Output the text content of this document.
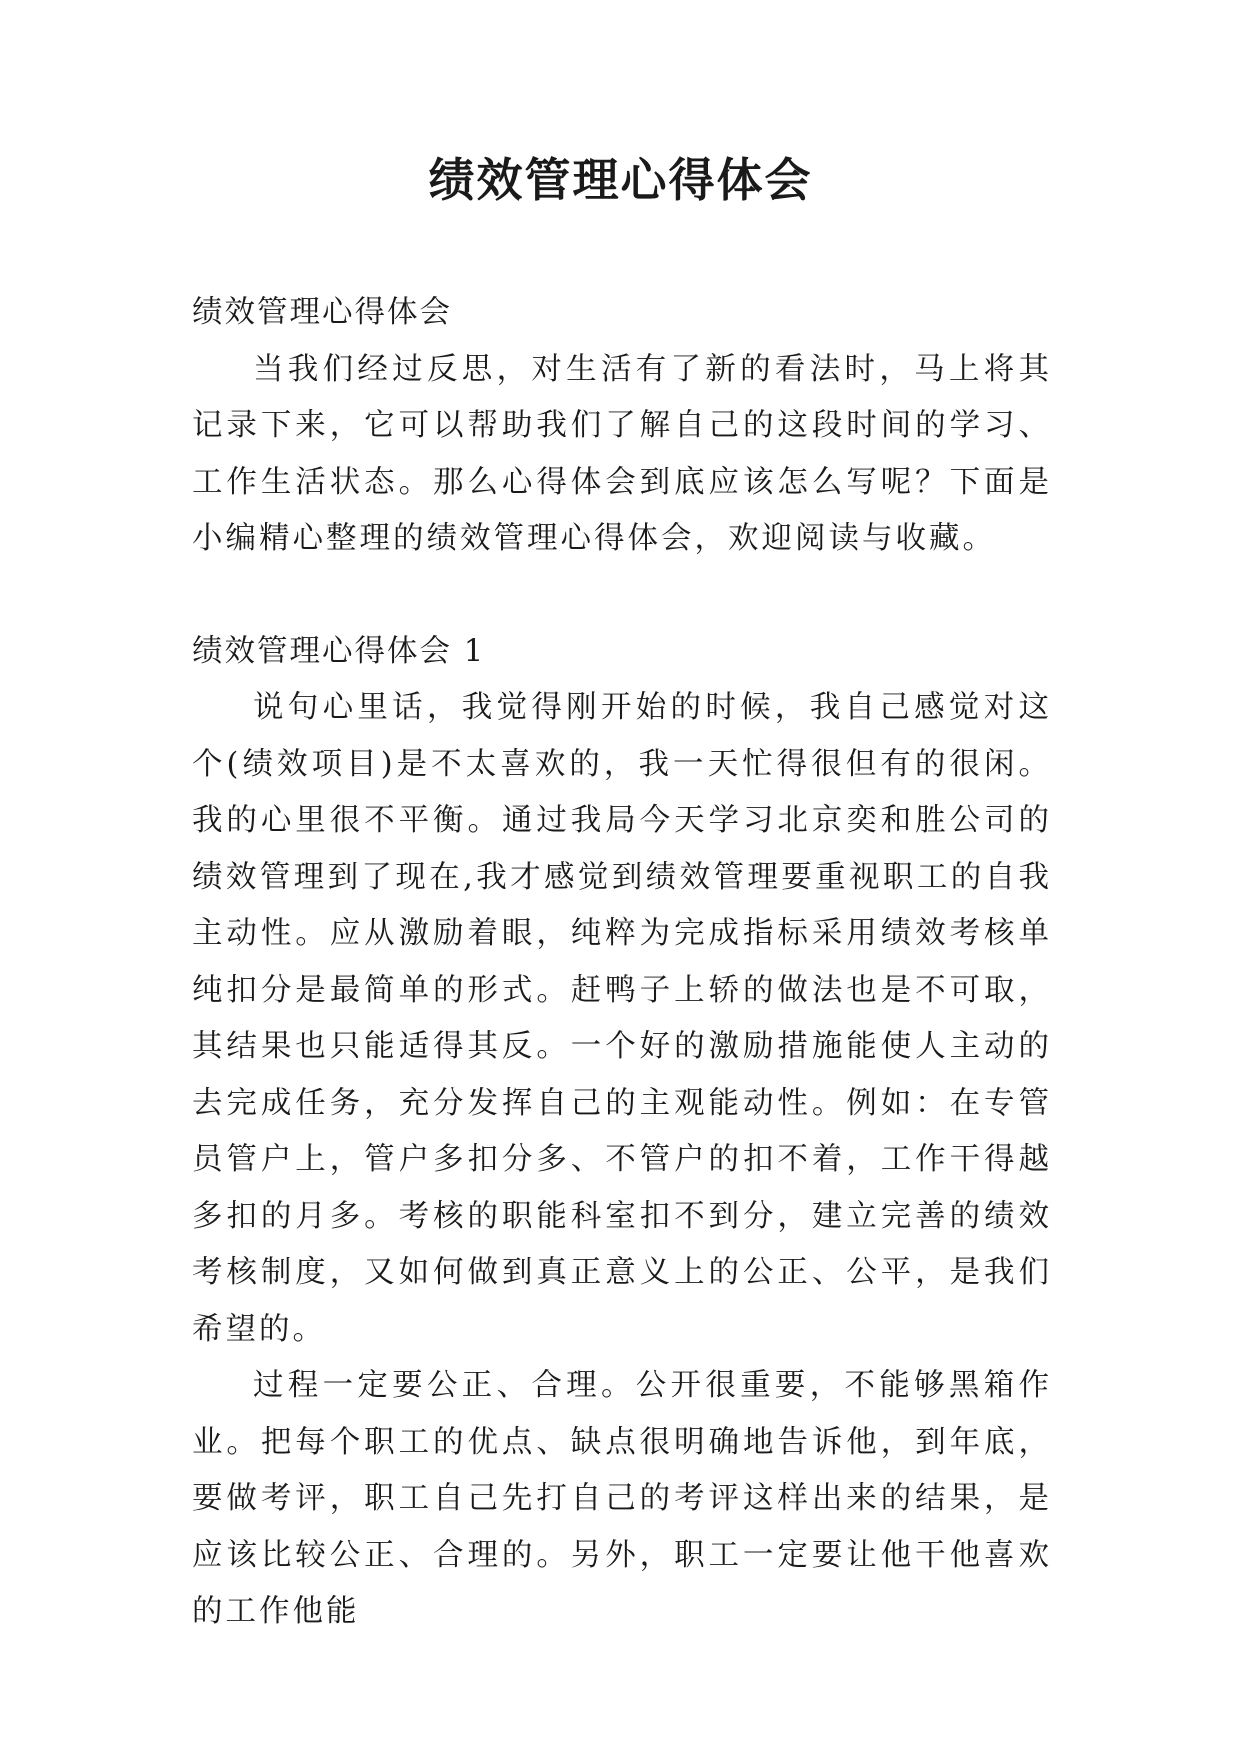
绩效管理心得体会

绩效管理心得体会

当我们经过反思，对生活有了新的看法时，马上将其记录下来，它可以帮助我们了解自己的这段时间的学习、工作生活状态。那么心得体会到底应该怎么写呢？下面是小编精心整理的绩效管理心得体会，欢迎阅读与收藏。

绩效管理心得体会 1

说句心里话，我觉得刚开始的时候，我自己感觉对这个(绩效项目)是不太喜欢的，我一天忙得很但有的很闲。我的心里很不平衡。通过我局今天学习北京奕和胜公司的绩效管理到了现在,我才感觉到绩效管理要重视职工的自我主动性。应从激励着眼，纯粹为完成指标采用绩效考核单纯扣分是最简单的形式。赶鸭子上轿的做法也是不可取，其结果也只能适得其反。一个好的激励措施能使人主动的去完成任务，充分发挥自己的主观能动性。例如：在专管员管户上，管户多扣分多、不管户的扣不着，工作干得越多扣的月多。考核的职能科室扣不到分，建立完善的绩效考核制度，又如何做到真正意义上的公正、公平，是我们希望的。

过程一定要公正、合理。公开很重要，不能够黑箱作业。把每个职工的优点、缺点很明确地告诉他，到年底，要做考评，职工自己先打自己的考评这样出来的结果，是应该比较公正、合理的。另外，职工一定要让他干他喜欢的工作他能
